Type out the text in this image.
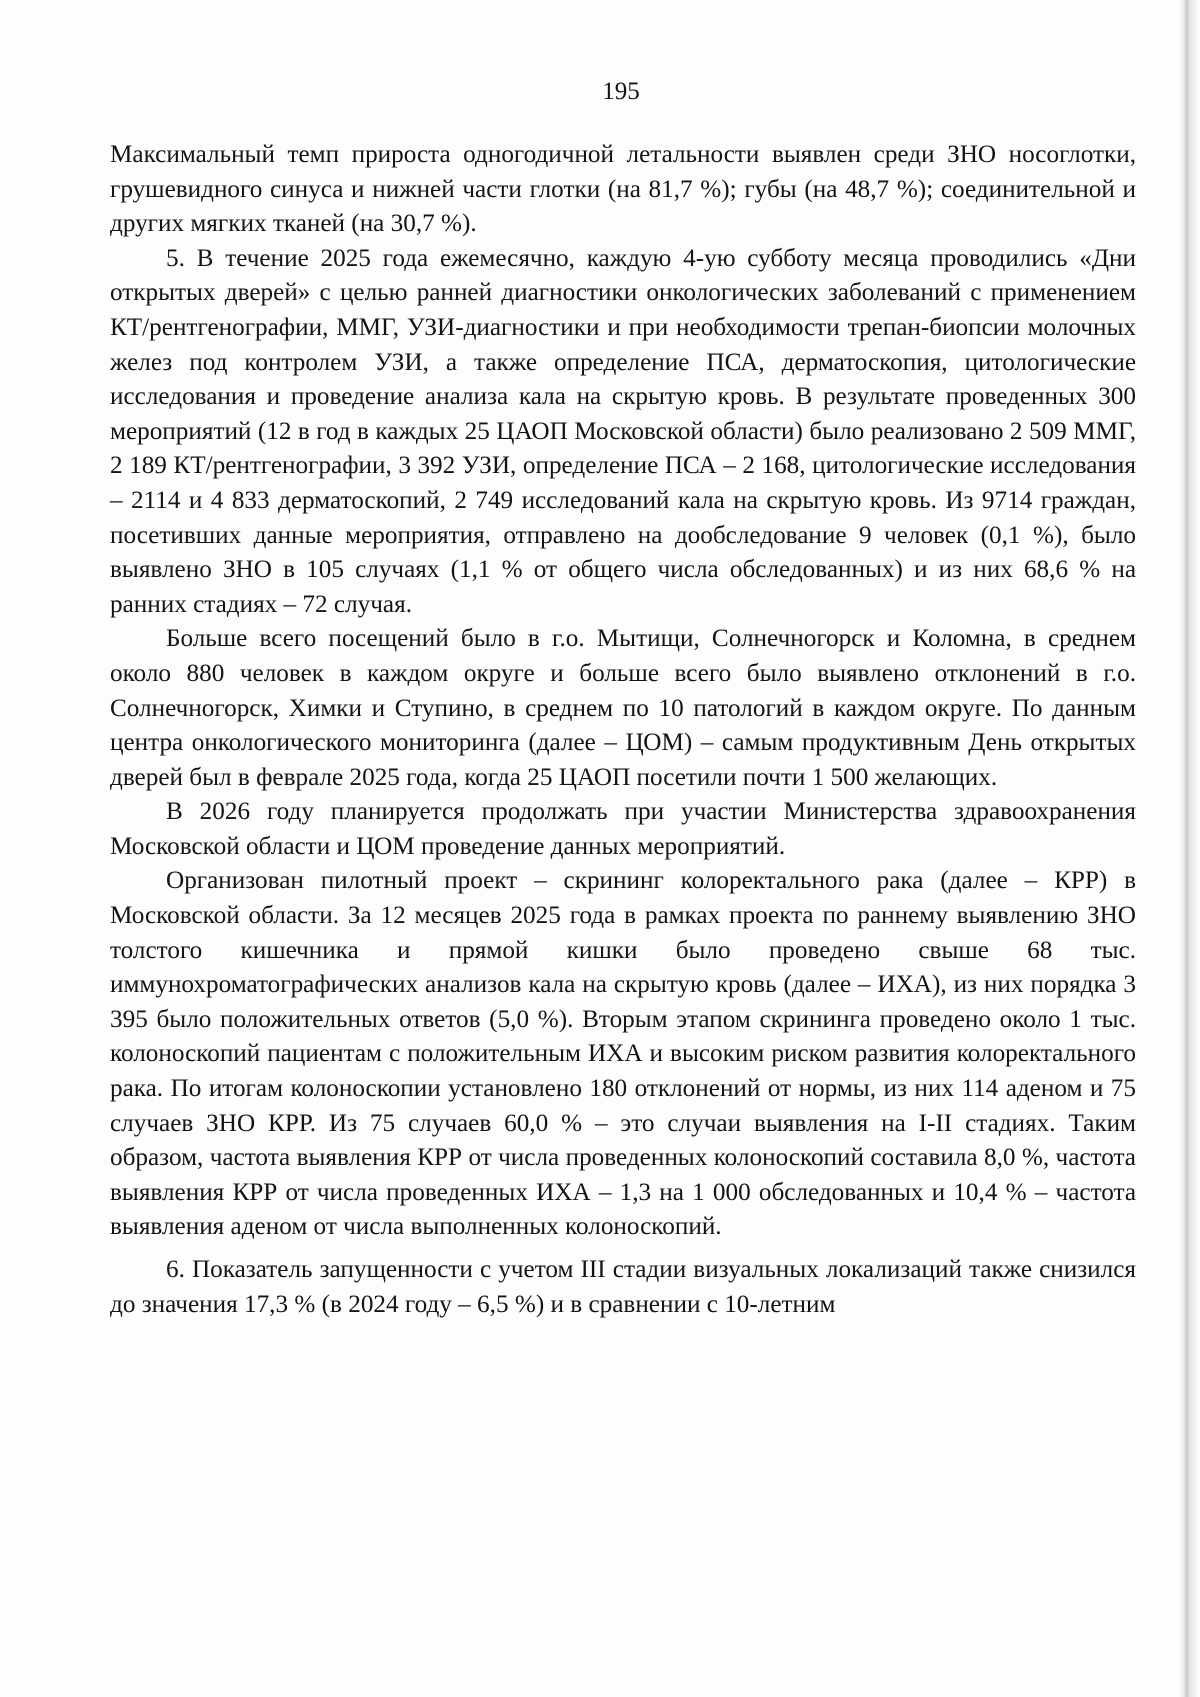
195

Максимальный темп прироста одногодичной летальности выявлен среди ЗНО носоглотки, грушевидного синуса и нижней части глотки (на 81,7 %); губы (на 48,7 %); соединительной и других мягких тканей (на 30,7 %).

5. В течение 2025 года ежемесячно, каждую 4-ую субботу месяца проводились «Дни открытых дверей» с целью ранней диагностики онкологических заболеваний с применением КТ/рентгенографии, ММГ, УЗИ-диагностики и при необходимости трепан-биопсии молочных желез под контролем УЗИ, а также определение ПСА, дерматоскопия, цитологические исследования и проведение анализа кала на скрытую кровь. В результате проведенных 300 мероприятий (12 в год в каждых 25 ЦАОП Московской области) было реализовано 2 509 ММГ, 2 189 КТ/рентгенографии, 3 392 УЗИ, определение ПСА – 2 168, цитологические исследования – 2114 и 4 833 дерматоскопий, 2 749 исследований кала на скрытую кровь. Из 9714 граждан, посетивших данные мероприятия, отправлено на дообследование 9 человек (0,1 %), было выявлено ЗНО в 105 случаях (1,1 % от общего числа обследованных) и из них 68,6 % на ранних стадиях – 72 случая.

Больше всего посещений было в г.о. Мытищи, Солнечногорск и Коломна, в среднем около 880 человек в каждом округе и больше всего было выявлено отклонений в г.о. Солнечногорск, Химки и Ступино, в среднем по 10 патологий в каждом округе. По данным центра онкологического мониторинга (далее – ЦОМ) – самым продуктивным День открытых дверей был в феврале 2025 года, когда 25 ЦАОП посетили почти 1 500 желающих.

В 2026 году планируется продолжать при участии Министерства здравоохранения Московской области и ЦОМ проведение данных мероприятий.

Организован пилотный проект – скрининг колоректального рака (далее – КРР) в Московской области. За 12 месяцев 2025 года в рамках проекта по раннему выявлению ЗНО толстого кишечника и прямой кишки было проведено свыше 68 тыс. иммунохроматографических анализов кала на скрытую кровь (далее – ИХА), из них порядка 3 395 было положительных ответов (5,0 %). Вторым этапом скрининга проведено около 1 тыс. колоноскопий пациентам с положительным ИХА и высоким риском развития колоректального рака. По итогам колоноскопии установлено 180 отклонений от нормы, из них 114 аденом и 75 случаев ЗНО КРР. Из 75 случаев 60,0 % – это случаи выявления на I-II стадиях. Таким образом, частота выявления КРР от числа проведенных колоноскопий составила 8,0 %, частота выявления КРР от числа проведенных ИХА – 1,3 на 1 000 обследованных и 10,4 % – частота выявления аденом от числа выполненных колоноскопий.

6. Показатель запущенности с учетом III стадии визуальных локализаций также снизился до значения 17,3 % (в 2024 году – 6,5 %) и в сравнении с 10-летним
